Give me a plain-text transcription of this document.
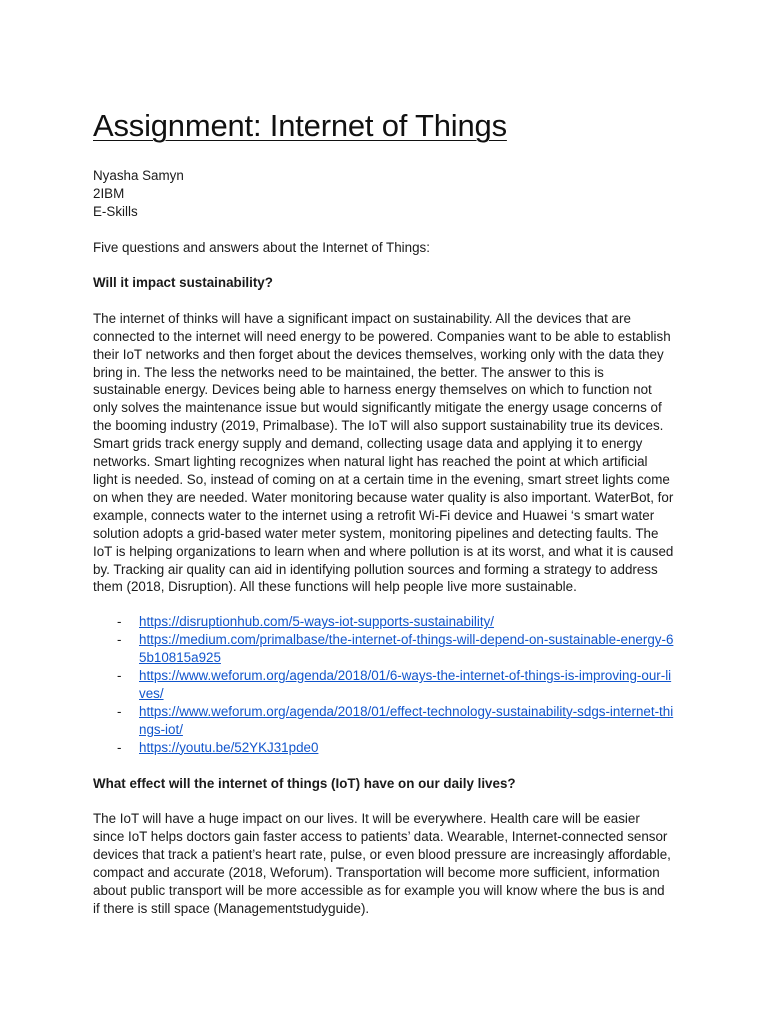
Assignment: Internet of Things
Nyasha Samyn
2IBM
E-Skills

Five questions and answers about the Internet of Things:

Will it impact sustainability?

The internet of thinks will have a significant impact on sustainability. All the devices that are connected to the internet will need energy to be powered. Companies want to be able to establish their IoT networks and then forget about the devices themselves, working only with the data they bring in. The less the networks need to be maintained, the better. The answer to this is sustainable energy. Devices being able to harness energy themselves on which to function not only solves the maintenance issue but would significantly mitigate the energy usage concerns of the booming industry (2019, Primalbase). The IoT will also support sustainability true its devices. Smart grids track energy supply and demand, collecting usage data and applying it to energy networks. Smart lighting recognizes when natural light has reached the point at which artificial light is needed. So, instead of coming on at a certain time in the evening, smart street lights come on when they are needed. Water monitoring because water quality is also important. WaterBot, for example, connects water to the internet using a retrofit Wi-Fi device and Huawei ‘s smart water solution adopts a grid-based water meter system, monitoring pipelines and detecting faults. The IoT is helping organizations to learn when and where pollution is at its worst, and what it is caused by. Tracking air quality can aid in identifying pollution sources and forming a strategy to address them (2018, Disruption). All these functions will help people live more sustainable.

- https://disruptionhub.com/5-ways-iot-supports-sustainability/
- https://medium.com/primalbase/the-internet-of-things-will-depend-on-sustainable-energy-65b10815a925
- https://www.weforum.org/agenda/2018/01/6-ways-the-internet-of-things-is-improving-our-lives/
- https://www.weforum.org/agenda/2018/01/effect-technology-sustainability-sdgs-internet-things-iot/
- https://youtu.be/52YKJ31pde0

What effect will the internet of things (IoT) have on our daily lives?

The IoT will have a huge impact on our lives. It will be everywhere. Health care will be easier since IoT helps doctors gain faster access to patients’ data. Wearable, Internet-connected sensor devices that track a patient’s heart rate, pulse, or even blood pressure are increasingly affordable, compact and accurate (2018, Weforum). Transportation will become more sufficient, information about public transport will be more accessible as for example you will know where the bus is and if there is still space (Managementstudyguide).
